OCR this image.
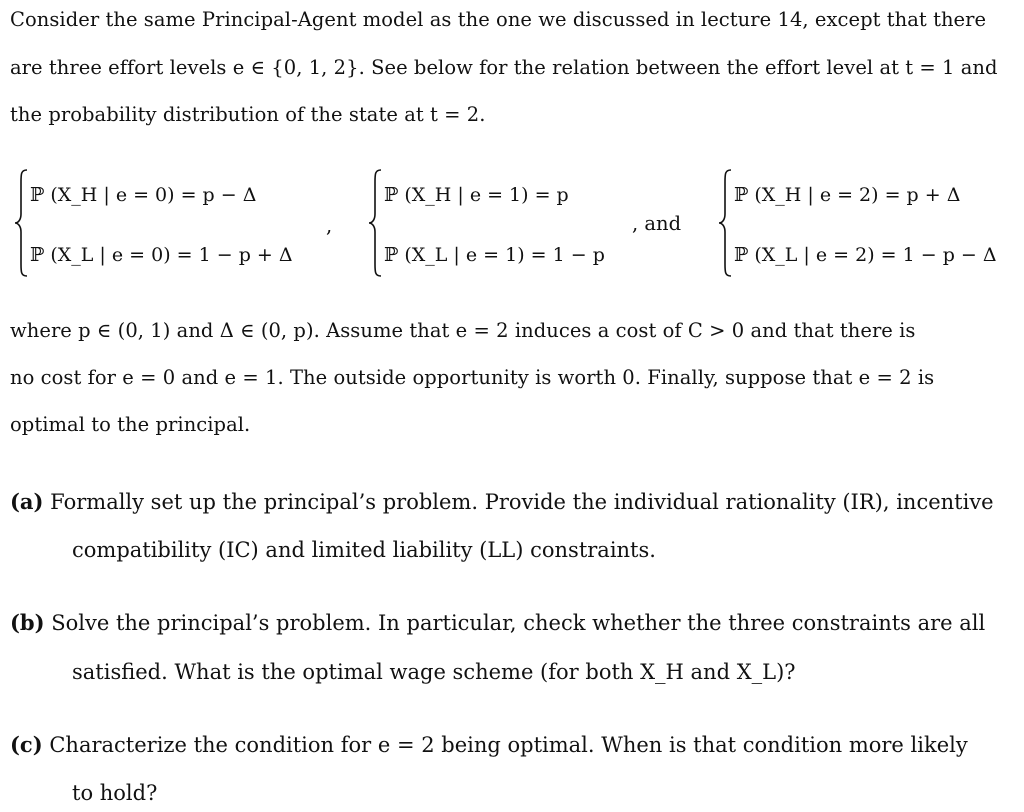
Consider the same Principal-Agent model as the one we discussed in lecture 14, except that there
are three effort levels e ∈ {0, 1, 2}. See below for the relation between the effort level at t = 1 and
the probability distribution of the state at t = 2.
ℙ (X_H | e = 0) = p − Δ
ℙ (X_L | e = 0) = 1 − p + Δ
,
ℙ (X_H | e = 1) = p
ℙ (X_L | e = 1) = 1 − p
, and
ℙ (X_H | e = 2) = p + Δ
ℙ (X_L | e = 2) = 1 − p − Δ
where p ∈ (0, 1) and Δ ∈ (0, p). Assume that e = 2 induces a cost of C > 0 and that there is
no cost for e = 0 and e = 1. The outside opportunity is worth 0. Finally, suppose that e = 2 is
optimal to the principal.
(a) Formally set up the principal’s problem. Provide the individual rationality (IR), incentive
compatibility (IC) and limited liability (LL) constraints.
(b) Solve the principal’s problem. In particular, check whether the three constraints are all
satisfied. What is the optimal wage scheme (for both X_H and X_L)?
(c) Characterize the condition for e = 2 being optimal. When is that condition more likely
to hold?
